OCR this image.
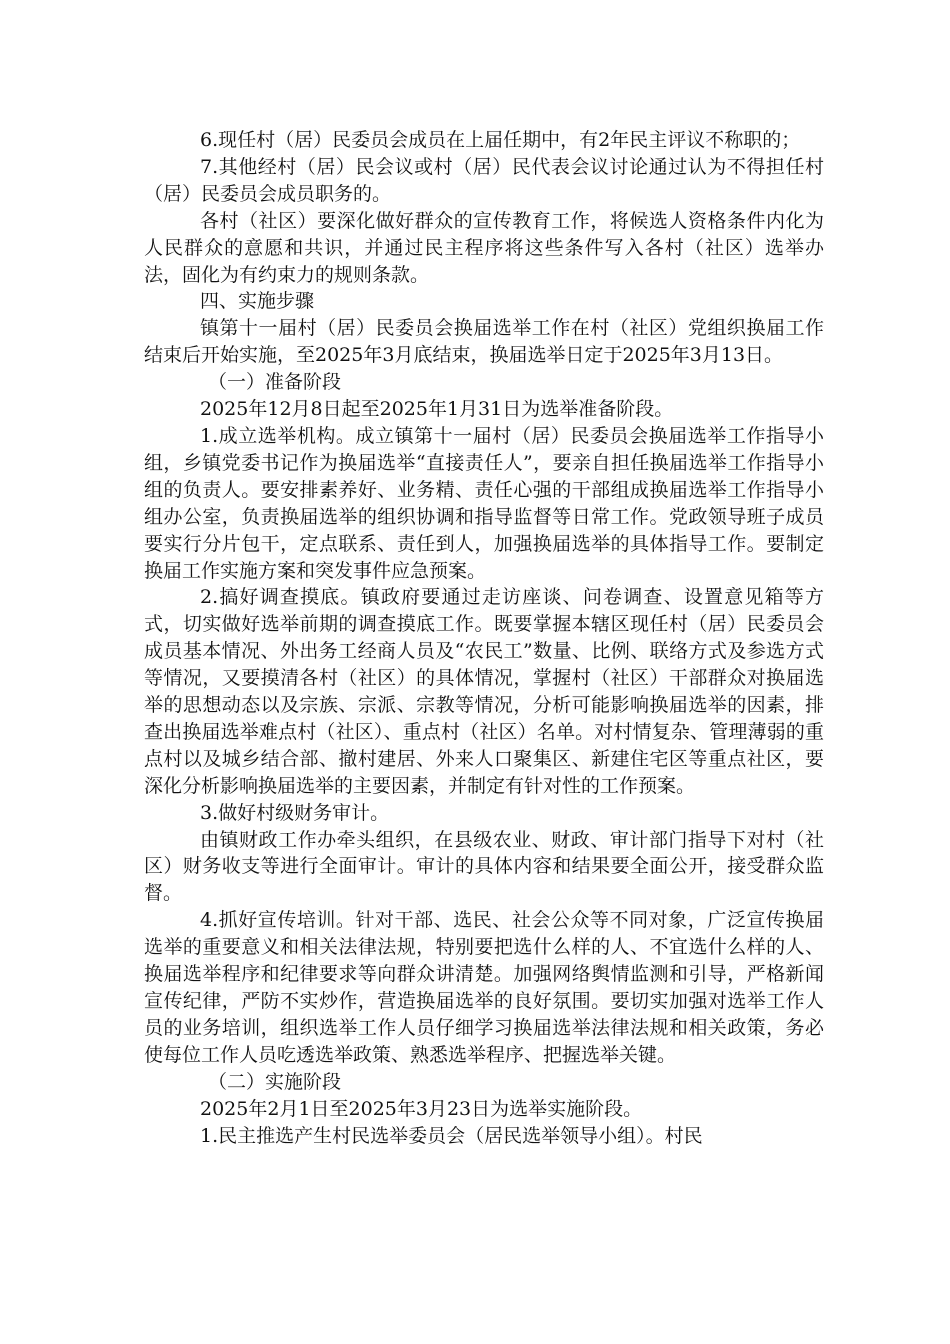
6.现任村（居）民委员会成员在上届任期中，有2年民主评议不称职的；

7.其他经村（居）民会议或村（居）民代表会议讨论通过认为不得担任村（居）民委员会成员职务的。

各村（社区）要深化做好群众的宣传教育工作，将候选人资格条件内化为人民群众的意愿和共识，并通过民主程序将这些条件写入各村（社区）选举办法，固化为有约束力的规则条款。

四、实施步骤

镇第十一届村（居）民委员会换届选举工作在村（社区）党组织换届工作结束后开始实施，至2025年3月底结束，换届选举日定于2025年3月13日。

（一）准备阶段

2025年12月8日起至2025年1月31日为选举准备阶段。

1.成立选举机构。成立镇第十一届村（居）民委员会换届选举工作指导小组，乡镇党委书记作为换届选举“直接责任人”，要亲自担任换届选举工作指导小组的负责人。要安排素养好、业务精、责任心强的干部组成换届选举工作指导小组办公室，负责换届选举的组织协调和指导监督等日常工作。党政领导班子成员要实行分片包干，定点联系、责任到人，加强换届选举的具体指导工作。要制定换届工作实施方案和突发事件应急预案。

2.搞好调查摸底。镇政府要通过走访座谈、问卷调查、设置意见箱等方式，切实做好选举前期的调查摸底工作。既要掌握本辖区现任村（居）民委员会成员基本情况、外出务工经商人员及“农民工”数量、比例、联络方式及参选方式等情况，又要摸清各村（社区）的具体情况，掌握村（社区）干部群众对换届选举的思想动态以及宗族、宗派、宗教等情况，分析可能影响换届选举的因素，排查出换届选举难点村（社区）、重点村（社区）名单。对村情复杂、管理薄弱的重点村以及城乡结合部、撤村建居、外来人口聚集区、新建住宅区等重点社区，要深化分析影响换届选举的主要因素，并制定有针对性的工作预案。

3.做好村级财务审计。

由镇财政工作办牵头组织，在县级农业、财政、审计部门指导下对村（社区）财务收支等进行全面审计。审计的具体内容和结果要全面公开，接受群众监督。

4.抓好宣传培训。针对干部、选民、社会公众等不同对象，广泛宣传换届选举的重要意义和相关法律法规，特别要把选什么样的人、不宜选什么样的人、换届选举程序和纪律要求等向群众讲清楚。加强网络舆情监测和引导，严格新闻宣传纪律，严防不实炒作，营造换届选举的良好氛围。要切实加强对选举工作人员的业务培训，组织选举工作人员仔细学习换届选举法律法规和相关政策，务必使每位工作人员吃透选举政策、熟悉选举程序、把握选举关键。

（二）实施阶段

2025年2月1日至2025年3月23日为选举实施阶段。

1.民主推选产生村民选举委员会（居民选举领导小组）。村民
